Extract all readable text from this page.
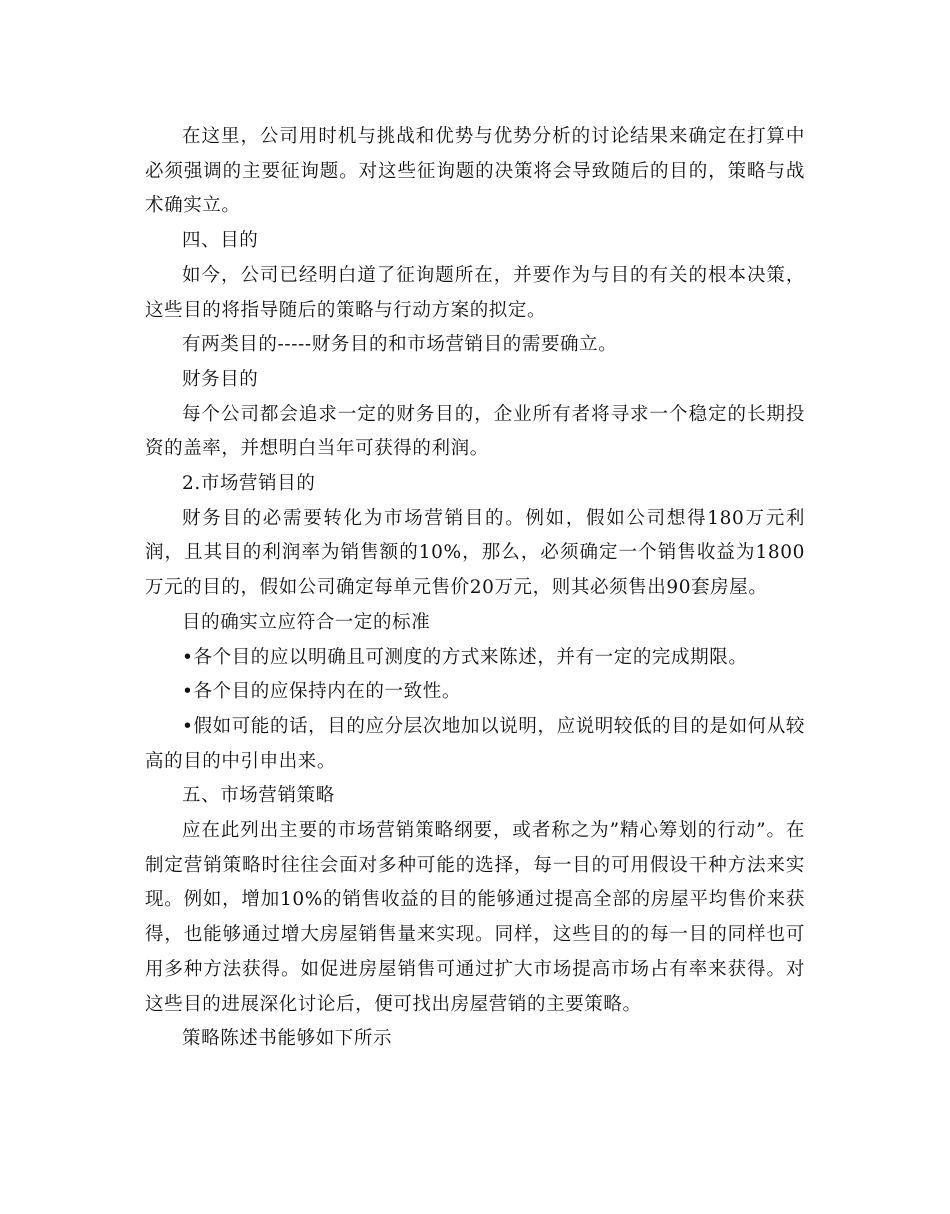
在这里，公司用时机与挑战和优势与优势分析的讨论结果来确定在打算中必须强调的主要征询题。对这些征询题的决策将会导致随后的目的，策略与战术确实立。

四、目的

如今，公司已经明白道了征询题所在，并要作为与目的有关的根本决策，这些目的将指导随后的策略与行动方案的拟定。

有两类目的-----财务目的和市场营销目的需要确立。

财务目的

每个公司都会追求一定的财务目的，企业所有者将寻求一个稳定的长期投资的盖率，并想明白当年可获得的利润。

2.市场营销目的

财务目的必需要转化为市场营销目的。例如，假如公司想得180万元利润，且其目的利润率为销售额的10%，那么，必须确定一个销售收益为1800万元的目的，假如公司确定每单元售价20万元，则其必须售出90套房屋。

目的确实立应符合一定的标准

•各个目的应以明确且可测度的方式来陈述，并有一定的完成期限。

•各个目的应保持内在的一致性。

•假如可能的话，目的应分层次地加以说明，应说明较低的目的是如何从较高的目的中引申出来。

五、市场营销策略

应在此列出主要的市场营销策略纲要，或者称之为”精心筹划的行动”。在制定营销策略时往往会面对多种可能的选择，每一目的可用假设干种方法来实现。例如，增加10%的销售收益的目的能够通过提高全部的房屋平均售价来获得，也能够通过增大房屋销售量来实现。同样，这些目的的每一目的同样也可用多种方法获得。如促进房屋销售可通过扩大市场提高市场占有率来获得。对这些目的进展深化讨论后，便可找出房屋营销的主要策略。

策略陈述书能够如下所示
